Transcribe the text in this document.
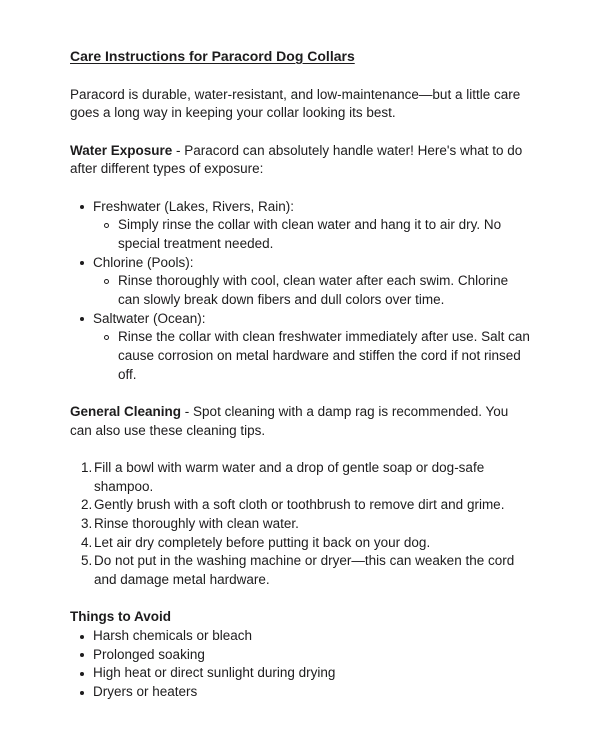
Care Instructions for Paracord Dog Collars

Paracord is durable, water-resistant, and low-maintenance—but a little care goes a long way in keeping your collar looking its best.

Water Exposure - Paracord can absolutely handle water! Here's what to do after different types of exposure:

Freshwater (Lakes, Rivers, Rain):
Simply rinse the collar with clean water and hang it to air dry. No special treatment needed.
Chlorine (Pools):
Rinse thoroughly with cool, clean water after each swim. Chlorine can slowly break down fibers and dull colors over time.
Saltwater (Ocean):
Rinse the collar with clean freshwater immediately after use. Salt can cause corrosion on metal hardware and stiffen the cord if not rinsed off.

General Cleaning - Spot cleaning with a damp rag is recommended. You can also use these cleaning tips.

Fill a bowl with warm water and a drop of gentle soap or dog-safe shampoo.
Gently brush with a soft cloth or toothbrush to remove dirt and grime.
Rinse thoroughly with clean water.
Let air dry completely before putting it back on your dog.
Do not put in the washing machine or dryer—this can weaken the cord and damage metal hardware.

Things to Avoid

Harsh chemicals or bleach
Prolonged soaking
High heat or direct sunlight during drying
Dryers or heaters
